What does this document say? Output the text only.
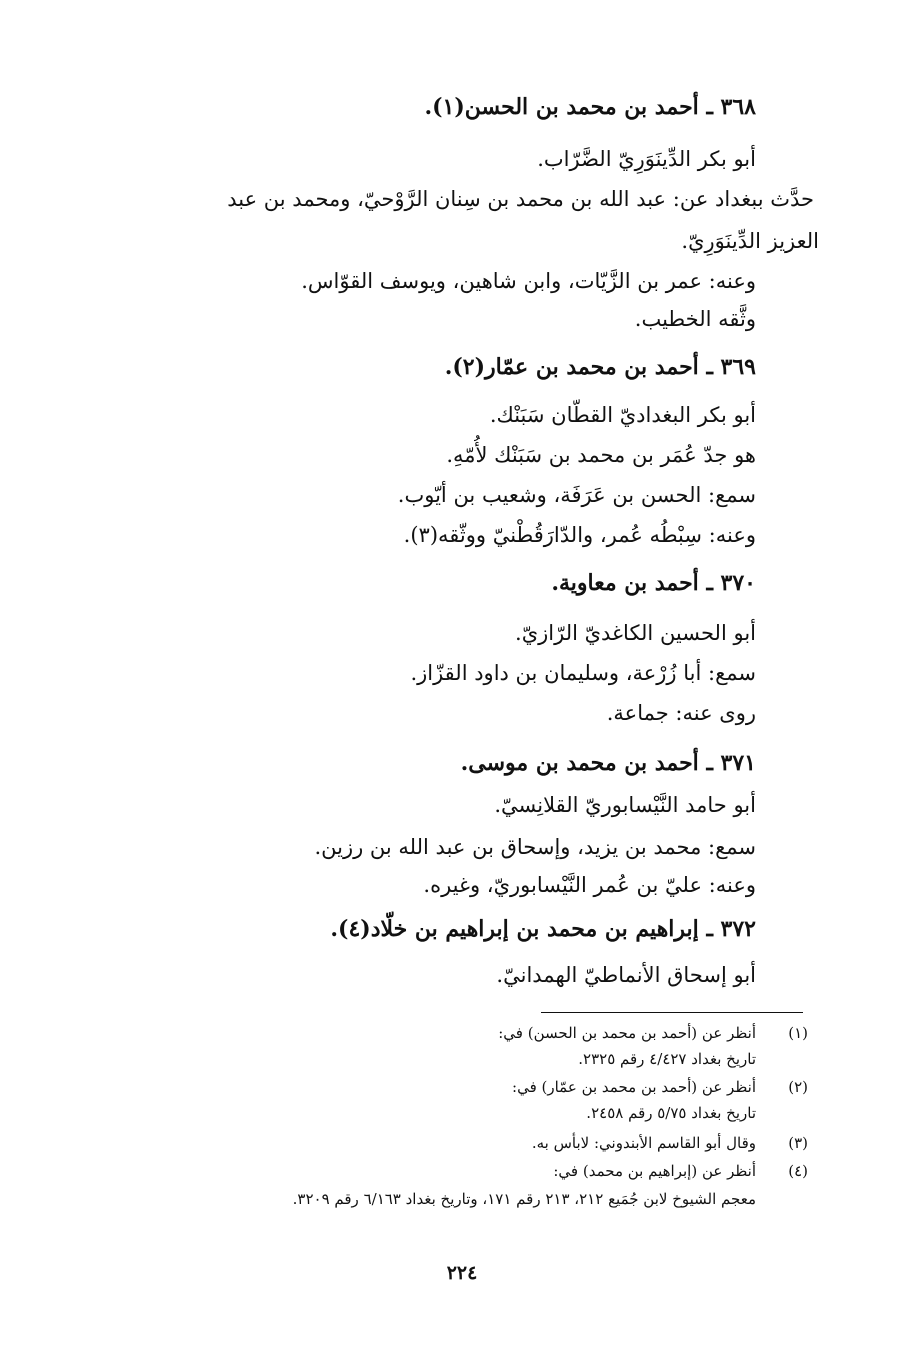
٣٦٨ ـ أحمد بن محمد بن الحسن(١).
أبو بكر الدِّينَوَرِيّ الضَّرّاب.
حدَّث ببغداد عن: عبد الله بن محمد بن سِنان الرَّوْحيّ، ومحمد بن عبد
العزيز الدِّينَوَرِيّ.
وعنه: عمر بن الزَّيّات، وابن شاهين، ويوسف القوّاس.
وثَّقه الخطيب.
٣٦٩ ـ أحمد بن محمد بن عمّار(٢).
أبو بكر البغداديّ القطّان سَبَنْك.
هو جدّ عُمَر بن محمد بن سَبَنْك لأُمّهِ.
سمع: الحسن بن عَرَفَة، وشعيب بن أيّوب.
وعنه: سِبْطُه عُمر، والدّارَقُطْنيّ ووثّقه(٣).
٣٧٠ ـ أحمد بن معاوية.
أبو الحسين الكاغديّ الرّازيّ.
سمع: أبا زُرْعة، وسليمان بن داود القزّاز.
روى عنه: جماعة.
٣٧١ ـ أحمد بن محمد بن موسى.
أبو حامد النَّيْسابوريّ القلانِسيّ.
سمع: محمد بن يزيد، وإسحاق بن عبد الله بن رزين.
وعنه: عليّ بن عُمر النَّيْسابوريّ، وغيره.
٣٧٢ ـ إبراهيم بن محمد بن إبراهيم بن خلّاد(٤).
أبو إسحاق الأنماطيّ الهمدانيّ.
(١)أنظر عن (أحمد بن محمد بن الحسن) في:
تاريخ بغداد ٤/٤٢٧ رقم ٢٣٢٥.
(٢)أنظر عن (أحمد بن محمد بن عمّار) في:
تاريخ بغداد ٥/٧٥ رقم ٢٤٥٨.
(٣)وقال أبو القاسم الأبندوني: لابأس به.
(٤)أنظر عن (إبراهيم بن محمد) في:
معجم الشيوخ لابن جُمَيع ٢١٢، ٢١٣ رقم ١٧١، وتاريخ بغداد ٦/١٦٣ رقم ٣٢٠٩.
٢٢٤
